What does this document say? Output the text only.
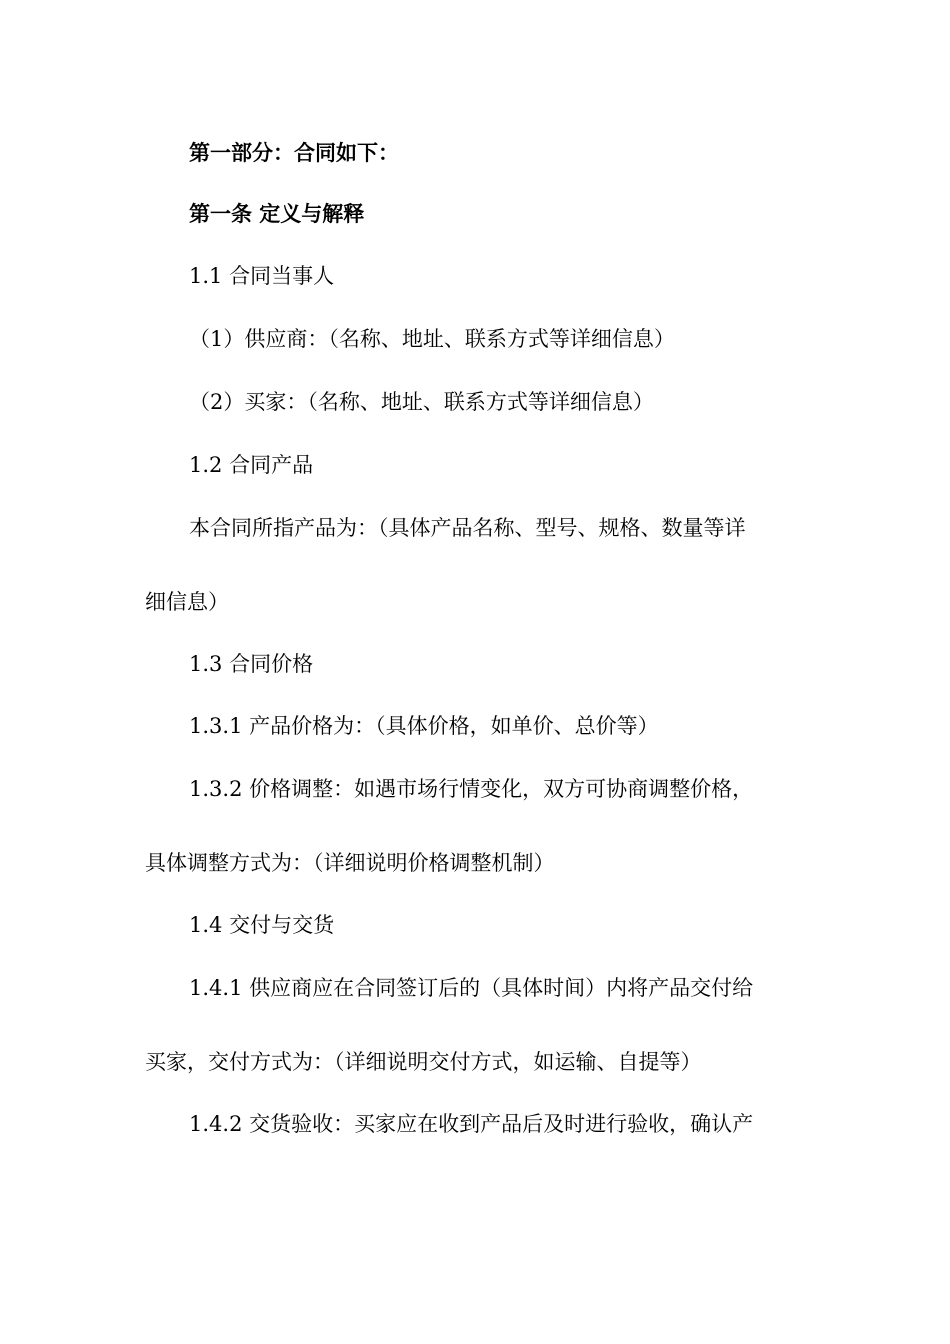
第一部分：合同如下：
第一条 定义与解释
1.1 合同当事人
（1）供应商：（名称、地址、联系方式等详细信息）
（2）买家：（名称、地址、联系方式等详细信息）
1.2 合同产品
本合同所指产品为：（具体产品名称、型号、规格、数量等详
细信息）
1.3 合同价格
1.3.1 产品价格为：（具体价格，如单价、总价等）
1.3.2 价格调整：如遇市场行情变化，双方可协商调整价格，
具体调整方式为：（详细说明价格调整机制）
1.4 交付与交货
1.4.1 供应商应在合同签订后的（具体时间）内将产品交付给
买家，交付方式为：（详细说明交付方式，如运输、自提等）
1.4.2 交货验收：买家应在收到产品后及时进行验收，确认产
